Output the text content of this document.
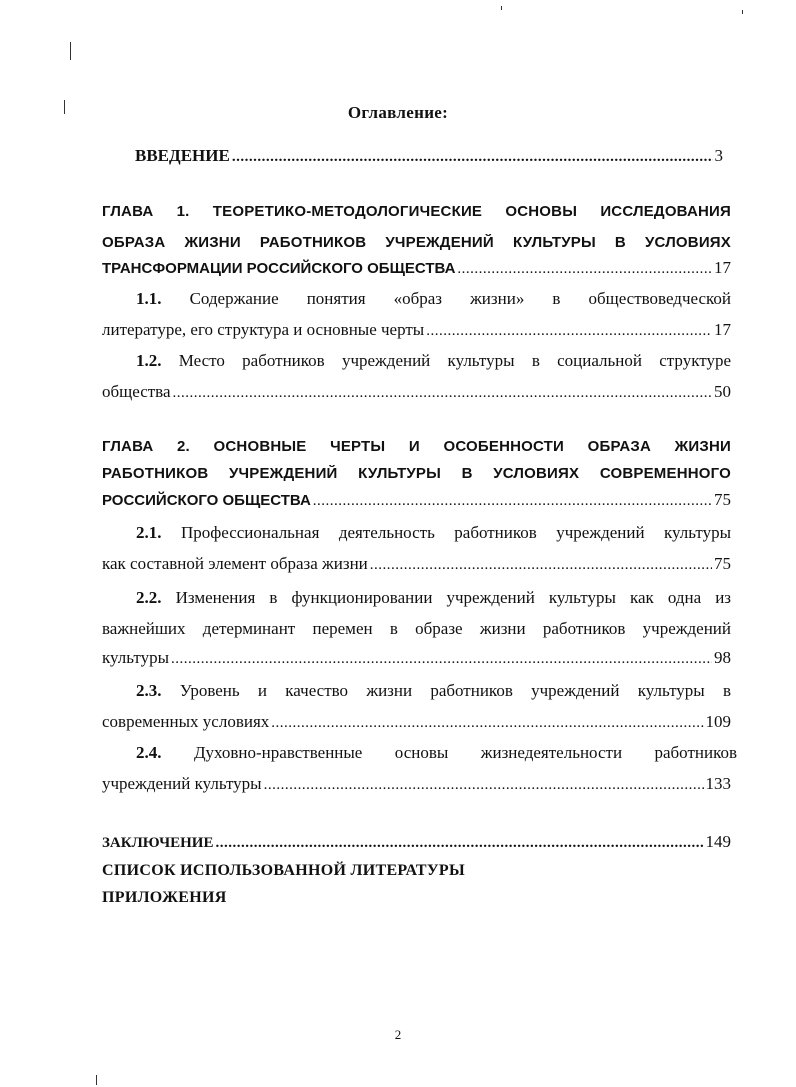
Оглавление:
ВВЕДЕНИЕ .....	3
ГЛАВА 1. ТЕОРЕТИКО-МЕТОДОЛОГИЧЕСКИЕ ОСНОВЫ ИССЛЕДОВАНИЯ
ОБРАЗА ЖИЗНИ РАБОТНИКОВ УЧРЕЖДЕНИЙ КУЛЬТУРЫ В УСЛОВИЯХ
ТРАНСФОРМАЦИИ РОССИЙСКОГО ОБЩЕСТВА .....	17
1.1. Содержание понятия «образ жизни» в обществоведческой
литературе, его структура и основные черты .....	17
1.2. Место работников учреждений культуры в социальной структуре
общества .....	50
ГЛАВА 2. ОСНОВНЫЕ ЧЕРТЫ И ОСОБЕННОСТИ ОБРАЗА ЖИЗНИ
РАБОТНИКОВ УЧРЕЖДЕНИЙ КУЛЬТУРЫ В УСЛОВИЯХ СОВРЕМЕННОГО
РОССИЙСКОГО ОБЩЕСТВА .....	75
2.1. Профессиональная деятельность работников учреждений культуры
как составной элемент образа жизни .....	75
2.2. Изменения в функционировании учреждений культуры как одна из
важнейших детерминант перемен в образе жизни работников учреждений
культуры .....	98
2.3. Уровень и качество жизни работников учреждений культуры в
современных условиях .....	109
2.4. Духовно-нравственные основы жизнедеятельности работников
учреждений культуры .....	133
ЗАКЛЮЧЕНИЕ .....	149
СПИСОК ИСПОЛЬЗОВАННОЙ ЛИТЕРАТУРЫ
ПРИЛОЖЕНИЯ
2
